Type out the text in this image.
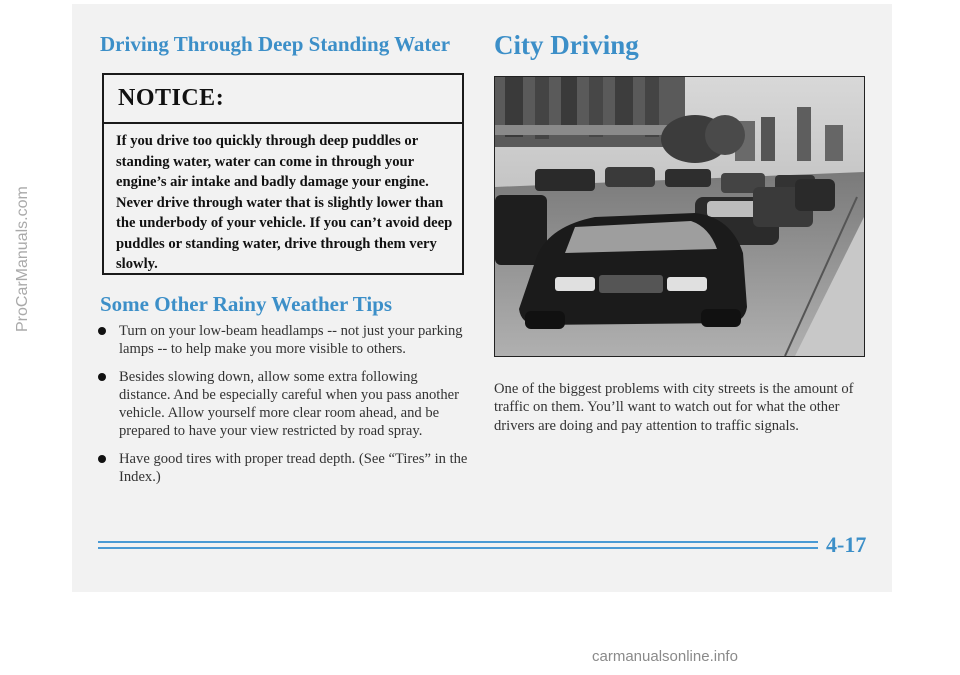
Driving Through Deep Standing Water
NOTICE:
If you drive too quickly through deep puddles or standing water, water can come in through your engine’s air intake and badly damage your engine. Never drive through water that is slightly lower than the underbody of your vehicle. If you can’t avoid deep puddles or standing water, drive through them very slowly.
Some Other Rainy Weather Tips
Turn on your low-beam headlamps -- not just your parking lamps -- to help make you more visible to others.
Besides slowing down, allow some extra following distance. And be especially careful when you pass another vehicle. Allow yourself more clear room ahead, and be prepared to have your view restricted by road spray.
Have good tires with proper tread depth. (See “Tires” in the Index.)
City Driving

One of the biggest problems with city streets is the amount of traffic on them. You’ll want to watch out for what the other drivers are doing and pay attention to traffic signals.

4-17
ProCarManuals.com
carmanualsonline.info
